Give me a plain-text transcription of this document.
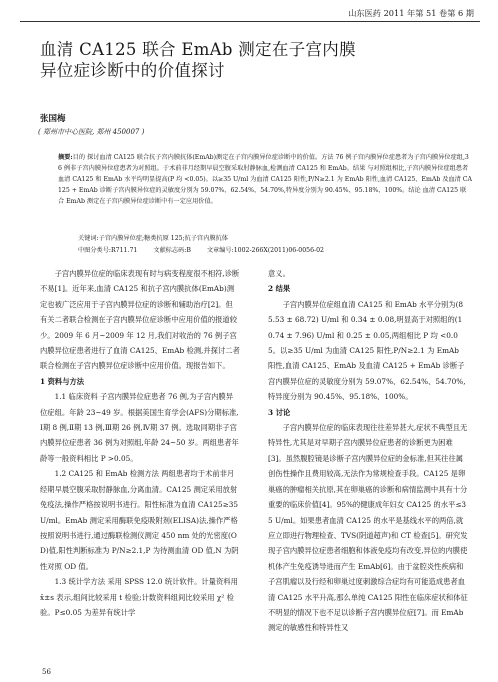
山东医药 2011 年第 51 卷第 6 期
血清 CA125 联合 EmAb 测定在子宫内膜
异位症诊断中的价值探讨
张国梅
( 郑州市中心医院, 郑州 450007 )
摘要:目的 探讨血清 CA125 联合抗子宫内膜抗体(EmAb)测定在子宫内膜异位症诊断中的价值。方法 76 例子宫内膜异位症患者为子宫内膜异位症组,36 例非子宫内膜异位症患者为对照组。于术前非月经期早晨空腹采取肘静脉血,检测血清 CA125 和 EmAb。结果 与对照组相比,子宫内膜异位症组患者血清 CA125 和 EmAb 水平均明显提高(P 均 <0.05)。以≥35 U/ml 为血清 CA125 阳性,P/N≥2.1 为 EmAb 阳性,血清 CA125、EmAb 及血清 CA125 + EmAb 诊断子宫内膜异位症的灵敏度分别为 59.07%、62.54%、54.70%,特异度分别为 90.45%、95.18%、100%。结论 血清 CA125 联合 EmAb 测定在子宫内膜异位症诊断中有一定应用价值。
关键词:子宫内膜异位症;糖类抗原 125;抗子宫内膜抗体
中图分类号:R711.71	文献标志码:B	文章编号:1002-266X(2011)06-0056-02

子宫内膜异位症的临床表现有时与病变程度很不相符,诊断不易[1]。近年来,血清 CA125 和抗子宫内膜抗体(EmAb)测定也被广泛应用于子宫内膜异位症的诊断和辅助治疗[2]。但有关二者联合检测在子宫内膜异位症诊断中应用价值的报道较少。2009 年 6 月~2009 年 12 月,我们对收治的 76 例子宫内膜异位症患者进行了血清 CA125、EmAb 检测,并探讨二者联合检测在子宫内膜异位症诊断中应用价值。现报告如下。

1 资料与方法

1.1 临床资料 子宫内膜异位症患者 76 例,为子宫内膜异位症组。年龄 23~49 岁。根据美国生育学会(AFS)分期标准,Ⅰ期 8 例,Ⅱ期 13 例,Ⅲ期 26 例,Ⅳ期 37 例。选取同期非子宫内膜异位症患者 36 例为对照组,年龄 24~50 岁。两组患者年龄等一般资料相比 P >0.05。

1.2 CA125 和 EmAb 检测方法 两组患者均于术前非月经期早晨空腹采取肘静脉血,分离血清。CA125 测定采用放射免疫法,操作严格按说明书进行。阳性标准为血清 CA125≥35 U/ml。EmAb 测定采用酶联免疫吸附剂(ELISA)法,操作严格按照说明书进行,通过酶联检测仪测定 450 nm 处的光密度(OD)值,阳性判断标准为 P/N≥2.1,P 为待测血清 OD 值,N 为阴性对照 OD 值。

1.3 统计学方法 采用 SPSS 12.0 统计软件。计量资料用 x̄±s 表示,组间比较采用 t 检验;计数资料组间比较采用 χ² 检验。P≤0.05 为差异有统计学

意义。

2 结果

子宫内膜异位症组血清 CA125 和 EmAb 水平分别为(85.53 ± 68.72) U/ml 和 0.34 ± 0.08,明显高于对照组的(10.74 ± 7.96) U/ml 和 0.25 ± 0.05,两组相比 P 均 <0.05。以≥35 U/ml 为血清 CA125 阳性,P/N≥2.1 为 EmAb 阳性,血清 CA125、EmAb 及血清 CA125 + EmAb 诊断子宫内膜异位症的灵敏度分别为 59.07%、62.54%、54.70%,特异度分别为 90.45%、95.18%、100%。

3 讨论

子宫内膜异位症的临床表现往往差异甚大,症状不典型且无特异性,尤其是对早期子宫内膜异位症患者的诊断更为困难[3]。虽然腹腔镜是诊断子宫内膜异位症的金标准,但其往往属创伤性操作且费用较高,无法作为常规检查手段。CA125 是卵巢癌的肿瘤相关抗原,其在卵巢癌的诊断和病情监测中具有十分重要的临床价值[4]。95%的健康成年妇女 CA125 的水平≤35 U/ml。如果患者血清 CA125 的水平是基线水平的两倍,就应立即进行物理检查、TVS(阴道超声)和 CT 检查[5]。研究发现子宫内膜异位症患者细胞和体液免疫均有改变,异位的内膜使机体产生免疫诱导进而产生 EmAb[6]。由于盆腔炎性疾病和子宫肌瘤以及行经和卵巢过度刺激综合症均有可能造成患者血清 CA125 水平升高,那么单纯 CA125 阳性在临床症状和体征不明显的情况下也不足以诊断子宫内膜异位症[7]。而 EmAb 测定的敏感性和特异性又

56
